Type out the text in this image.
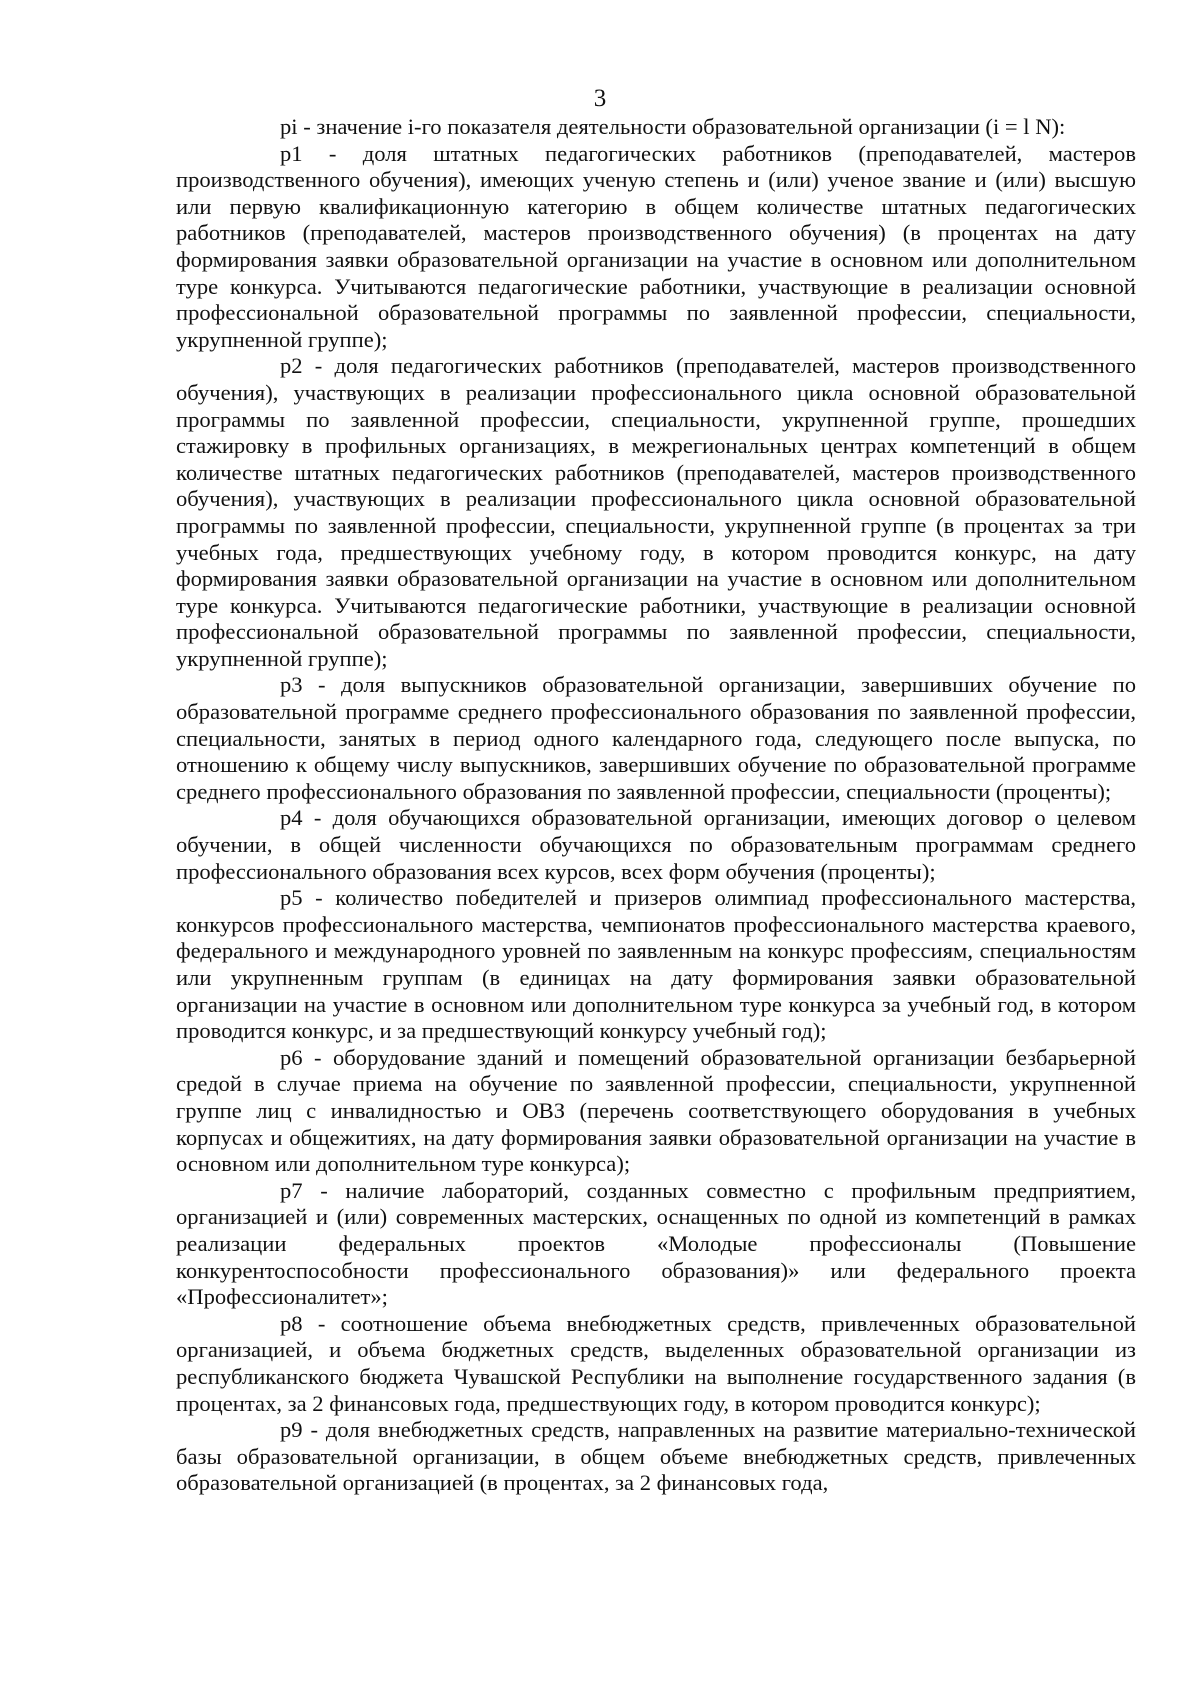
3

pi - значение i-го показателя деятельности образовательной организации (i = l N):

p1 - доля штатных педагогических работников (преподавателей, мастеров производственного обучения), имеющих ученую степень и (или) ученое звание и (или) высшую или первую квалификационную категорию в общем количестве штатных педагогических работников (преподавателей, мастеров производственного обучения) (в процентах на дату формирования заявки образовательной организации на участие в основном или дополнительном туре конкурса. Учитываются педагогические работники, участвующие в реализации основной профессиональной образовательной программы по заявленной профессии, специальности, укрупненной группе);

p2 - доля педагогических работников (преподавателей, мастеров производственного обучения), участвующих в реализации профессионального цикла основной образовательной программы по заявленной профессии, специальности, укрупненной группе, прошедших стажировку в профильных организациях, в межрегиональных центрах компетенций в общем количестве штатных педагогических работников (преподавателей, мастеров производственного обучения), участвующих в реализации профессионального цикла основной образовательной программы по заявленной профессии, специальности, укрупненной группе (в процентах за три учебных года, предшествующих учебному году, в котором проводится конкурс, на дату формирования заявки образовательной организации на участие в основном или дополнительном туре конкурса. Учитываются педагогические работники, участвующие в реализации основной профессиональной образовательной программы по заявленной профессии, специальности, укрупненной группе);

p3 - доля выпускников образовательной организации, завершивших обучение по образовательной программе среднего профессионального образования по заявленной профессии, специальности, занятых в период одного календарного года, следующего после выпуска, по отношению к общему числу выпускников, завершивших обучение по образовательной программе среднего профессионального образования по заявленной профессии, специальности (проценты);

p4 - доля обучающихся образовательной организации, имеющих договор о целевом обучении, в общей численности обучающихся по образовательным программам среднего профессионального образования всех курсов, всех форм обучения (проценты);

p5 - количество победителей и призеров олимпиад профессионального мастерства, конкурсов профессионального мастерства, чемпионатов профессионального мастерства краевого, федерального и международного уровней по заявленным на конкурс профессиям, специальностям или укрупненным группам (в единицах на дату формирования заявки образовательной организации на участие в основном или дополнительном туре конкурса за учебный год, в котором проводится конкурс, и за предшествующий конкурсу учебный год);

p6 - оборудование зданий и помещений образовательной организации безбарьерной средой в случае приема на обучение по заявленной профессии, специальности, укрупненной группе лиц с инвалидностью и ОВЗ (перечень соответствующего оборудования в учебных корпусах и общежитиях, на дату формирования заявки образовательной организации на участие в основном или дополнительном туре конкурса);

p7 - наличие лабораторий, созданных совместно с профильным предприятием, организацией и (или) современных мастерских, оснащенных по одной из компетенций в рамках реализации федеральных проектов «Молодые профессионалы (Повышение конкурентоспособности профессионального образования)» или федерального проекта «Профессионалитет»;

p8 - соотношение объема внебюджетных средств, привлеченных образовательной организацией, и объема бюджетных средств, выделенных образовательной организации из республиканского бюджета Чувашской Республики на выполнение государственного задания (в процентах, за 2 финансовых года, предшествующих году, в котором проводится конкурс);

p9 - доля внебюджетных средств, направленных на развитие материально-технической базы образовательной организации, в общем объеме внебюджетных средств, привлеченных образовательной организацией (в процентах, за 2 финансовых года,
